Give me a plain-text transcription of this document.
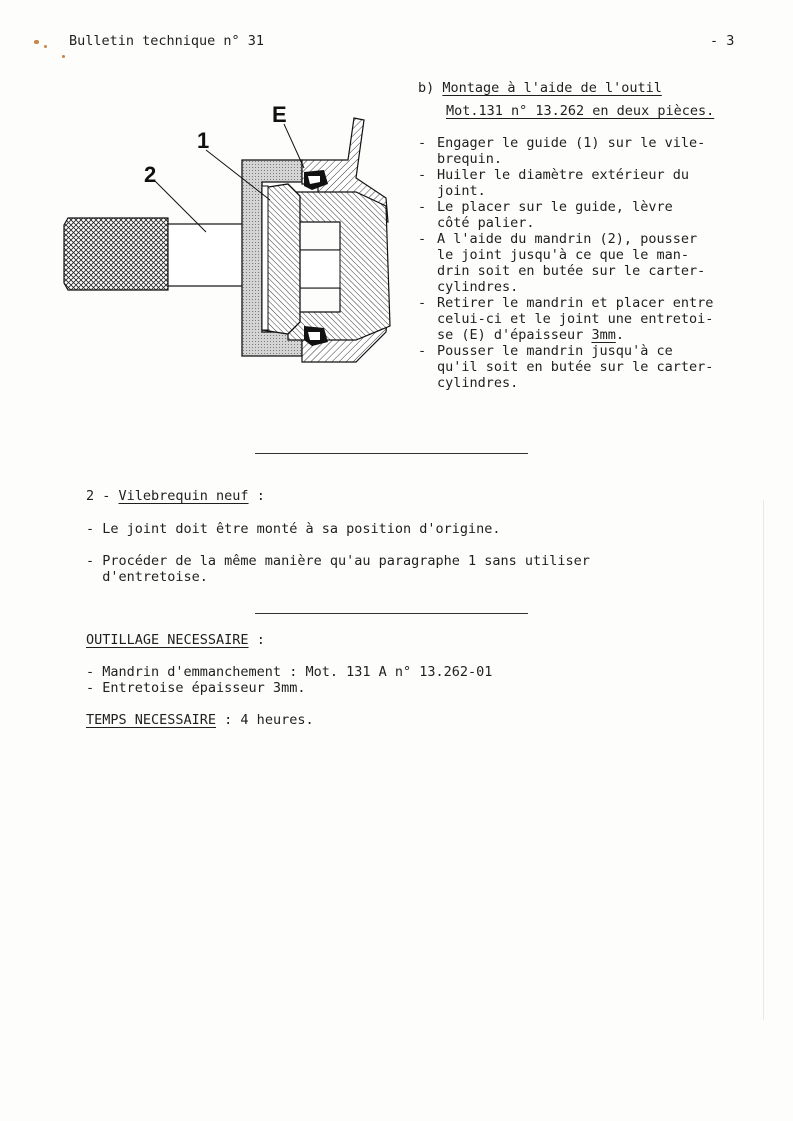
Bulletin technique n° 31	- 3
2
1
E
b) Montage à l'aide de l'outil
Mot.131 n° 13.262 en deux pièces.
- Engager le guide (1) sur le vile-
brequin.
- Huiler le diamètre extérieur du
joint.
- Le placer sur le guide, lèvre
côté palier.
- A l'aide du mandrin (2), pousser
le joint jusqu'à ce que le man-
drin soit en butée sur le carter-
cylindres.
- Retirer le mandrin et placer entre
celui-ci et le joint une entretoi-
se (E) d'épaisseur 3mm.
- Pousser le mandrin jusqu'à ce
qu'il soit en butée sur le carter-
cylindres.
2 - Vilebrequin neuf :
- Le joint doit être monté à sa position d'origine.
- Procéder de la même manière qu'au paragraphe 1 sans utiliser
d'entretoise.
OUTILLAGE NECESSAIRE :
- Mandrin d'emmanchement : Mot. 131 A n° 13.262-01
- Entretoise épaisseur 3mm.
TEMPS NECESSAIRE : 4 heures.
